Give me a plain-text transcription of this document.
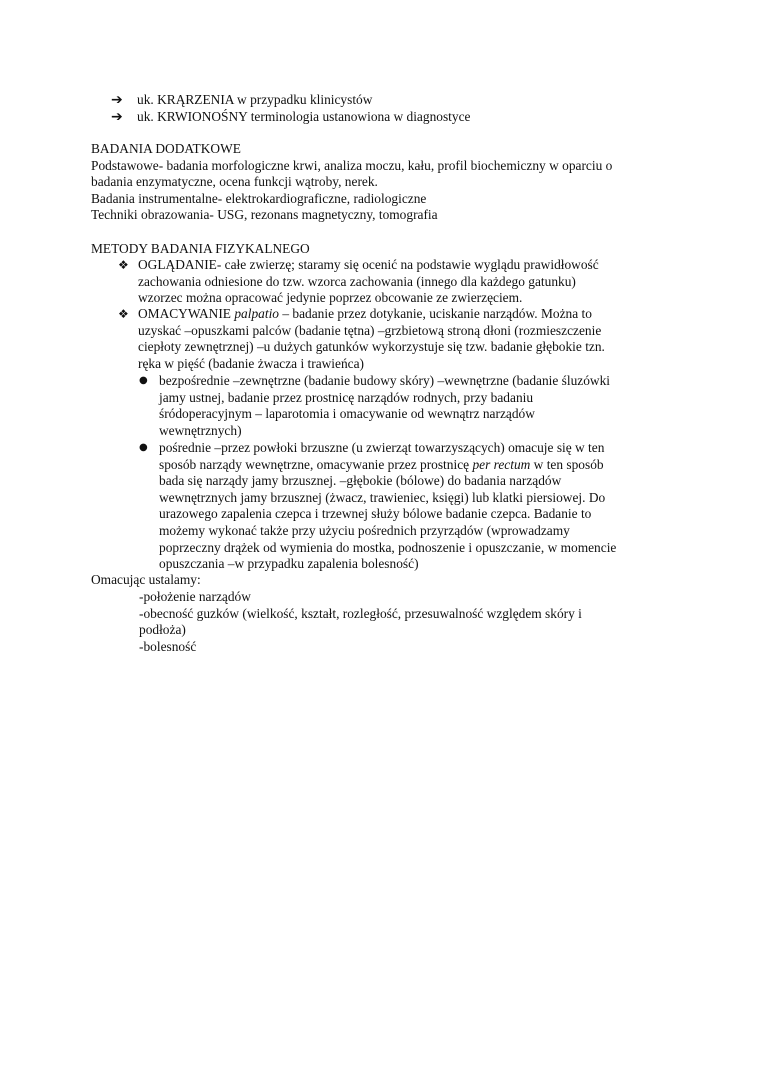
➔ uk. KRĄRZENIA w przypadku klinicystów
➔ uk. KRWIONOŚNY terminologia ustanowiona w diagnostyce

BADANIA DODATKOWE

Podstawowe- badania morfologiczne krwi, analiza moczu, kału, profil biochemiczny w oparciu o

badania enzymatyczne, ocena funkcji wątroby, nerek.

Badania instrumentalne- elektrokardiograficzne, radiologiczne

Techniki obrazowania- USG, rezonans magnetyczny, tomografia

METODY BADANIA FIZYKALNEGO

❖ OGLĄDANIE- całe zwierzę; staramy się ocenić na podstawie wyglądu prawidłowość

zachowania odniesione do tzw. wzorca zachowania (innego dla każdego gatunku)

wzorzec można opracować jedynie poprzez obcowanie ze zwierzęciem.

❖ OMACYWANIE palpatio – badanie przez dotykanie, uciskanie narządów. Można to

uzyskać –opuszkami palców (badanie tętna) –grzbietową stroną dłoni (rozmieszczenie

ciepłoty zewnętrznej) –u dużych gatunków wykorzystuje się tzw. badanie głębokie tzn.

ręka w pięść (badanie żwacza i trawieńca)

● bezpośrednie –zewnętrzne (badanie budowy skóry) –wewnętrzne (badanie śluzówki

jamy ustnej, badanie przez prostnicę narządów rodnych, przy badaniu

śródoperacyjnym – laparotomia i omacywanie od wewnątrz narządów

wewnętrznych)

● pośrednie –przez powłoki brzuszne (u zwierząt towarzyszących) omacuje się w ten

sposób narządy wewnętrzne, omacywanie przez prostnicę per rectum w ten sposób

bada się narządy jamy brzusznej. –głębokie (bólowe) do badania narządów

wewnętrznych jamy brzusznej (żwacz, trawieniec, księgi) lub klatki piersiowej. Do

urazowego zapalenia czepca i trzewnej służy bólowe badanie czepca. Badanie to

możemy wykonać także przy użyciu pośrednich przyrządów (wprowadzamy

poprzeczny drążek od wymienia do mostka, podnoszenie i opuszczanie, w momencie

opuszczania –w przypadku zapalenia bolesność)

Omacując ustalamy:

-położenie narządów

-obecność guzków (wielkość, kształt, rozległość, przesuwalność względem skóry i

podłoża)

-bolesność
